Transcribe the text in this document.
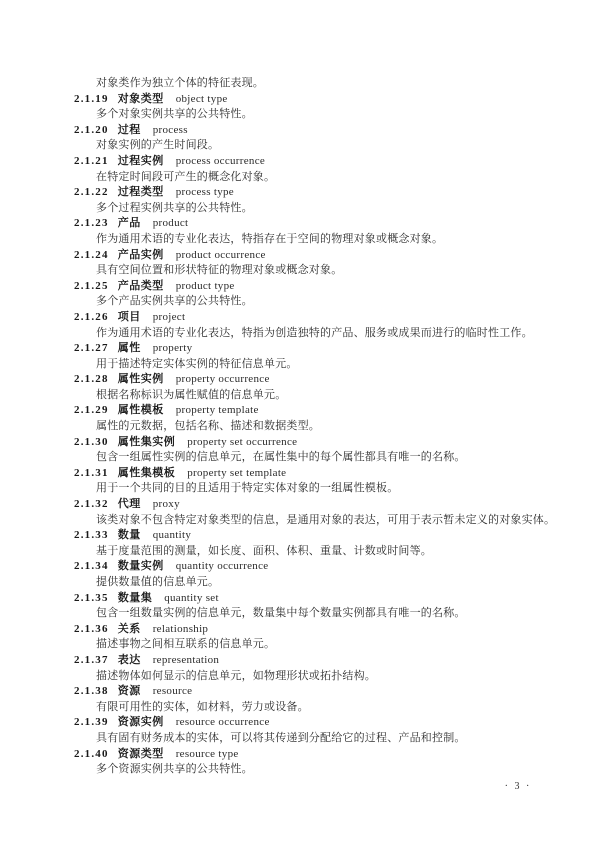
对象类作为独立个体的特征表现。
2.1.19 对象类型 object type
多个对象实例共享的公共特性。
2.1.20 过程 process
对象实例的产生时间段。
2.1.21 过程实例 process occurrence
在特定时间段可产生的概念化对象。
2.1.22 过程类型 process type
多个过程实例共享的公共特性。
2.1.23 产品 product
作为通用术语的专业化表达，特指存在于空间的物理对象或概念对象。
2.1.24 产品实例 product occurrence
具有空间位置和形状特征的物理对象或概念对象。
2.1.25 产品类型 product type
多个产品实例共享的公共特性。
2.1.26 项目 project
作为通用术语的专业化表达，特指为创造独特的产品、服务或成果而进行的临时性工作。
2.1.27 属性 property
用于描述特定实体实例的特征信息单元。
2.1.28 属性实例 property occurrence
根据名称标识为属性赋值的信息单元。
2.1.29 属性模板 property template
属性的元数据，包括名称、描述和数据类型。
2.1.30 属性集实例 property set occurrence
包含一组属性实例的信息单元，在属性集中的每个属性都具有唯一的名称。
2.1.31 属性集模板 property set template
用于一个共同的目的且适用于特定实体对象的一组属性模板。
2.1.32 代理 proxy
该类对象不包含特定对象类型的信息，是通用对象的表达，可用于表示暂未定义的对象实体。
2.1.33 数量 quantity
基于度量范围的测量，如长度、面积、体积、重量、计数或时间等。
2.1.34 数量实例 quantity occurrence
提供数量值的信息单元。
2.1.35 数量集 quantity set
包含一组数量实例的信息单元，数量集中每个数量实例都具有唯一的名称。
2.1.36 关系 relationship
描述事物之间相互联系的信息单元。
2.1.37 表达 representation
描述物体如何显示的信息单元，如物理形状或拓扑结构。
2.1.38 资源 resource
有限可用性的实体，如材料，劳力或设备。
2.1.39 资源实例 resource occurrence
具有固有财务成本的实体，可以将其传递到分配给它的过程、产品和控制。
2.1.40 资源类型 resource type
多个资源实例共享的公共特性。
· 3 ·
